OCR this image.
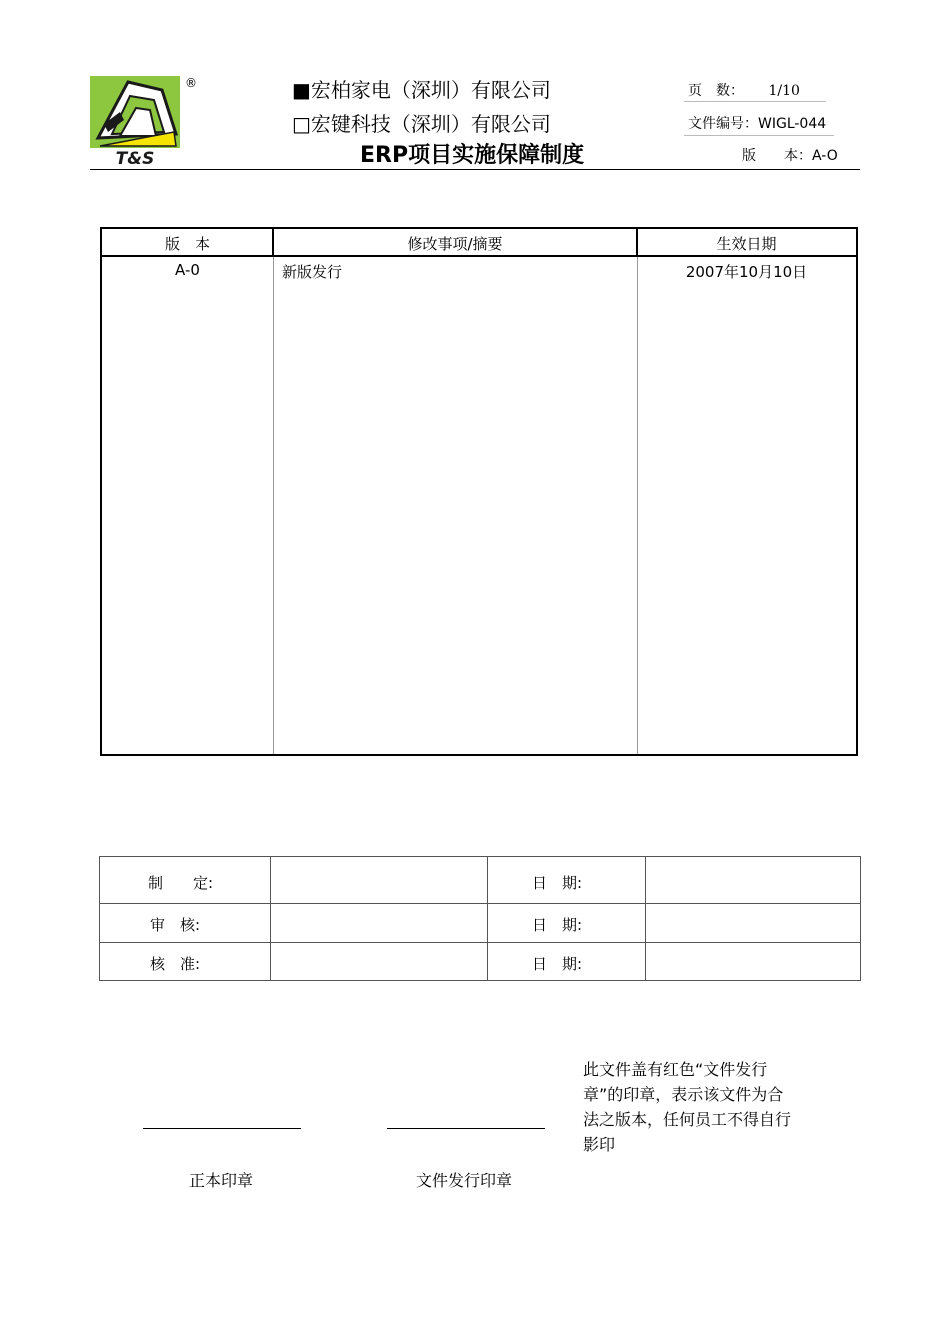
T&S
®	■宏柏家电（深圳）有限公司
□宏键科技（深圳）有限公司
ERP项目实施保障制度
页　数： 1/10
文件编号：WIGL-044
版　　本：A-O
版　本	修改事项/摘要	生效日期
A-0	新版发行	2007年10月10日
制　　定:	日　期:
审　核:	日　期:
核　准:	日　期:
正本印章	文件发行印章
此文件盖有红色“文件发行章”的印章，表示该文件为合法之版本，任何员工不得自行影印
